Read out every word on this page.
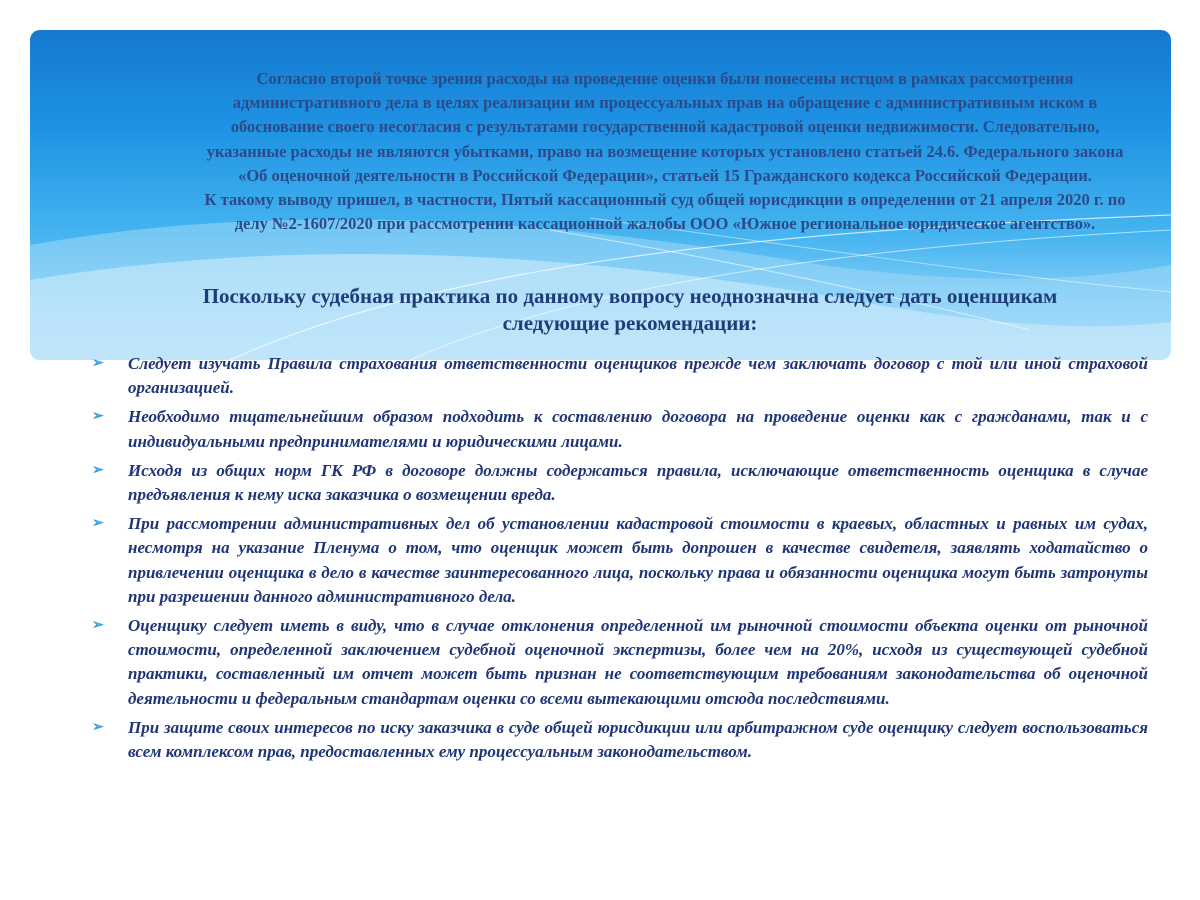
Согласно второй точке зрения расходы на проведение оценки были понесены истцом в рамках рассмотрения административного дела в целях реализации им процессуальных прав на обращение с административным иском в обоснование своего несогласия с результатами государственной кадастровой оценки недвижимости. Следовательно, указанные расходы не являются убытками, право на возмещение которых установлено статьей 24.6. Федерального закона «Об оценочной деятельности в Российской Федерации», статьей 15 Гражданского кодекса Российской Федерации.

К такому выводу пришел, в частности, Пятый кассационный суд общей юрисдикции в определении от 21 апреля 2020 г. по делу №2-1607/2020 при рассмотрении кассационной жалобы ООО «Южное региональное юридическое агентство».

Поскольку судебная практика по данному вопросу неоднозначна следует дать оценщикам следующие рекомендации:

➢ Следует изучать Правила страхования ответственности оценщиков прежде чем заключать договор с той или иной страховой организацией.
➢ Необходимо тщательнейшим образом подходить к составлению договора на проведение оценки как с гражданами, так и с индивидуальными предпринимателями и юридическими лицами.
➢ Исходя из общих норм ГК РФ в договоре должны содержаться правила, исключающие ответственность оценщика в случае предъявления к нему иска заказчика о возмещении вреда.
➢ При рассмотрении административных дел об установлении кадастровой стоимости в краевых, областных и равных им судах, несмотря на указание Пленума о том, что оценщик может быть допрошен в качестве свидетеля, заявлять ходатайство о привлечении оценщика в дело в качестве заинтересованного лица, поскольку права и обязанности оценщика могут быть затронуты при разрешении данного административного дела.
➢ Оценщику следует иметь в виду, что в случае отклонения определенной им рыночной стоимости объекта оценки от рыночной стоимости, определенной заключением судебной оценочной экспертизы, более чем на 20%, исходя из существующей судебной практики, составленный им отчет может быть признан не соответствующим требованиям законодательства об оценочной деятельности и федеральным стандартам оценки со всеми вытекающими отсюда последствиями.
➢ При защите своих интересов по иску заказчика в суде общей юрисдикции или арбитражном суде оценщику следует воспользоваться всем комплексом прав, предоставленных ему процессуальным законодательством.
